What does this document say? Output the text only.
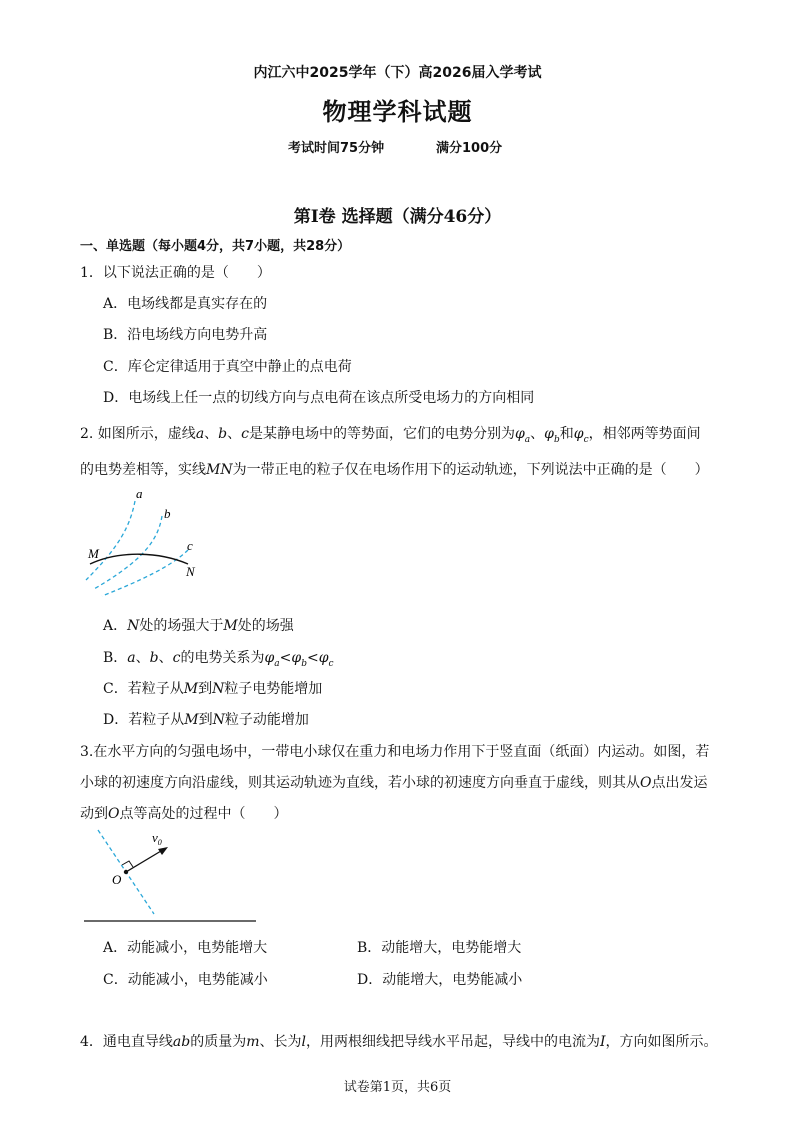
内江六中2025学年（下）高2026届入学考试
物理学科试题
考试时间75分钟	满分100分
第Ⅰ卷 选择题（满分46分）
一、单选题（每小题4分，共7小题，共28分）
1．以下说法正确的是（　　）
A．电场线都是真实存在的
B．沿电场线方向电势升高
C．库仑定律适用于真空中静止的点电荷
D．电场线上任一点的切线方向与点电荷在该点所受电场力的方向相同
2. 如图所示，虚线a、b、c是某静电场中的等势面，它们的电势分别为$\varphi_a$、$\varphi_b$和$\varphi_c$，相邻两等势面间
的电势差相等，实线MN为一带正电的粒子仅在电场作用下的运动轨迹，下列说法中正确的是（　　）
a
b
c
M
N
A．N处的场强大于M处的场强
B．a、b、c的电势关系为$\varphi_a<\varphi_b<\varphi_c$
C．若粒子从M到N粒子电势能增加
D．若粒子从M到N粒子动能增加
3.在水平方向的匀强电场中，一带电小球仅在重力和电场力作用下于竖直面（纸面）内运动。如图，若
小球的初速度方向沿虚线，则其运动轨迹为直线，若小球的初速度方向垂直于虚线，则其从O点出发运
动到O点等高处的过程中（　　）
$v_0$
O
A．动能减小，电势能增大	B．动能增大，电势能增大
C．动能减小，电势能减小	D．动能增大，电势能减小
4．通电直导线ab的质量为m、长为l，用两根细线把导线水平吊起，导线中的电流为I，方向如图所示。
试卷第1页，共6页
